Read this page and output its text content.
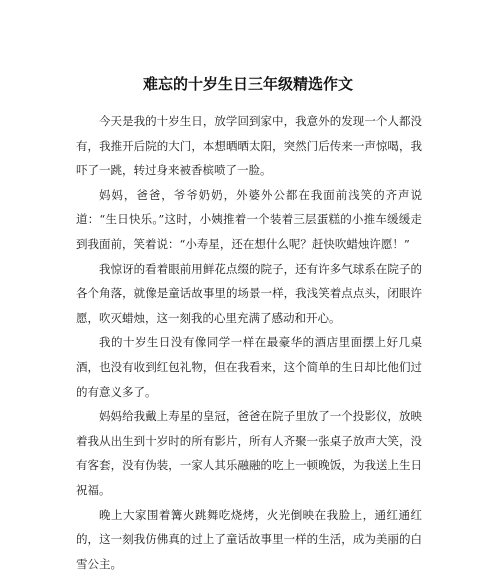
难忘的十岁生日三年级精选作文

今天是我的十岁生日，放学回到家中，我意外的发现一个人都没有，我推开后院的大门，本想晒晒太阳，突然门后传来一声惊喝，我吓了一跳，转过身来被香槟喷了一脸。

妈妈，爸爸，爷爷奶奶，外婆外公都在我面前浅笑的齐声说道：“生日快乐。”这时，小姨推着一个装着三层蛋糕的小推车缓缓走到我面前，笑着说：“小寿星，还在想什么呢？赶快吹蜡烛许愿！”

我惊讶的看着眼前用鲜花点缀的院子，还有许多气球系在院子的各个角落，就像是童话故事里的场景一样，我浅笑着点点头，闭眼许愿，吹灭蜡烛，这一刻我的心里充满了感动和开心。

我的十岁生日没有像同学一样在最豪华的酒店里面摆上好几桌酒，也没有收到红包礼物，但在我看来，这个简单的生日却比他们过的有意义多了。

妈妈给我戴上寿星的皇冠，爸爸在院子里放了一个投影仪，放映着我从出生到十岁时的所有影片，所有人齐聚一张桌子放声大笑，没有客套，没有伪装，一家人其乐融融的吃上一顿晚饭，为我送上生日祝福。

晚上大家围着篝火跳舞吃烧烤，火光倒映在我脸上，通红通红的，这一刻我仿佛真的过上了童话故事里一样的生活，成为美丽的白雪公主。
